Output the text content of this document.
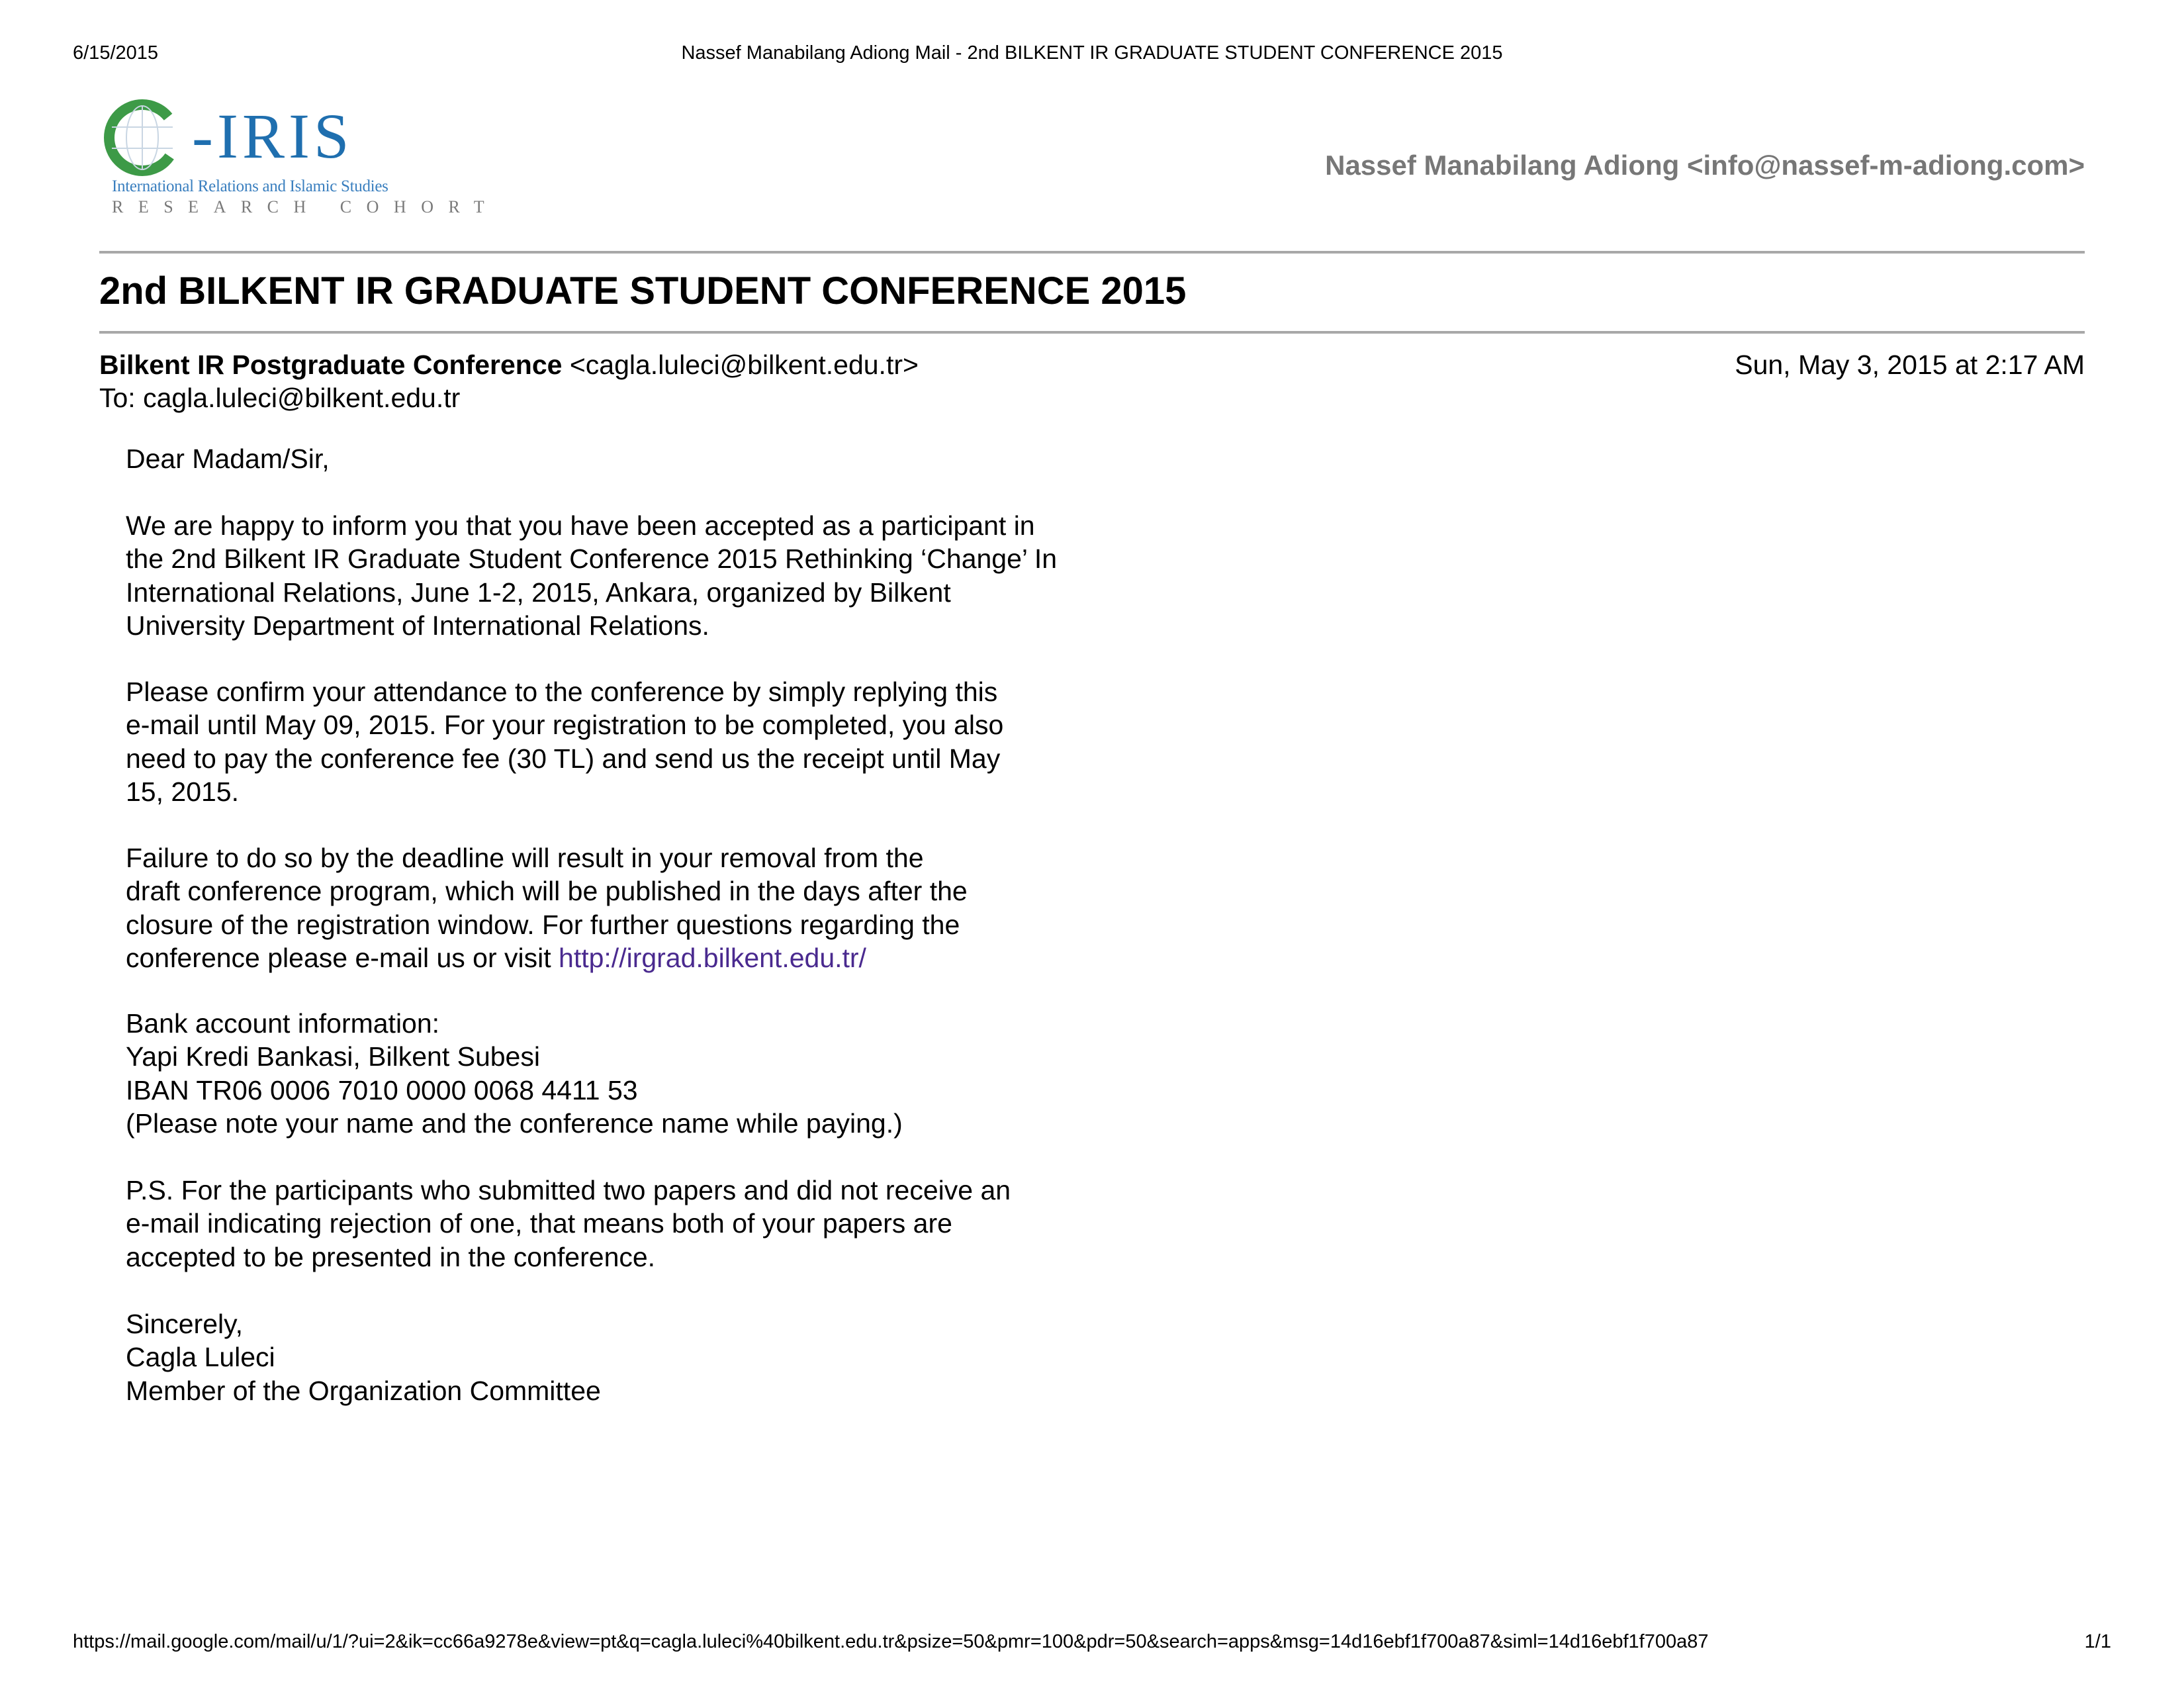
6/15/2015	Nassef Manabilang Adiong Mail - 2nd BILKENT IR GRADUATE STUDENT CONFERENCE 2015
-IRIS
International Relations and Islamic Studies
RESEARCH COHORT
Nassef Manabilang Adiong <info@nassef-m-adiong.com>
2nd BILKENT IR GRADUATE STUDENT CONFERENCE 2015
Bilkent IR Postgraduate Conference <cagla.luleci@bilkent.edu.tr>
To: cagla.luleci@bilkent.edu.tr
Sun, May 3, 2015 at 2:17 AM
Dear Madam/Sir,
We are happy to inform you that you have been accepted as a participant in
the 2nd Bilkent IR Graduate Student Conference 2015 Rethinking ‘Change’ In
International Relations, June 1-2, 2015, Ankara, organized by Bilkent
University Department of International Relations.
Please confirm your attendance to the conference by simply replying this
e-mail until May 09, 2015. For your registration to be completed, you also
need to pay the conference fee (30 TL) and send us the receipt until May
15, 2015.
Failure to do so by the deadline will result in your removal from the
draft conference program, which will be published in the days after the
closure of the registration window. For further questions regarding the
conference please e-mail us or visit http://irgrad.bilkent.edu.tr/
Bank account information:
Yapi Kredi Bankasi, Bilkent Subesi
IBAN TR06 0006 7010 0000 0068 4411 53
(Please note your name and the conference name while paying.)
P.S. For the participants who submitted two papers and did not receive an
e-mail indicating rejection of one, that means both of your papers are
accepted to be presented in the conference.
Sincerely,
Cagla Luleci
Member of the Organization Committee
https://mail.google.com/mail/u/1/?ui=2&ik=cc66a9278e&view=pt&q=cagla.luleci%40bilkent.edu.tr&psize=50&pmr=100&pdr=50&search=apps&msg=14d16ebf1f700a87&siml=14d16ebf1f700a87	1/1
